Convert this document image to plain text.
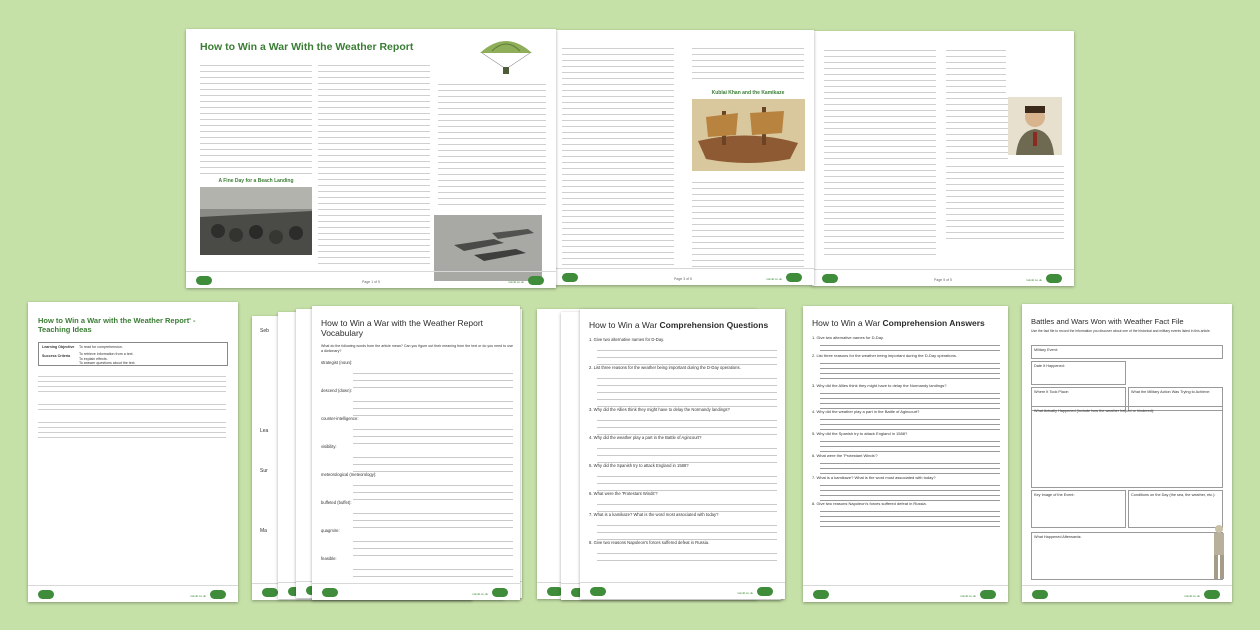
Page 5 of 5	twinkl.co.uk
Kublai Khan and the Kamikaze
Page 3 of 5	twinkl.co.uk
How to Win a War With the Weather Report
A Fine Day for a Beach Landing
Page 1 of 5	twinkl.co.uk
How to Win a War with the Weather Report' - Teaching Ideas
Learning Objective To read for comprehension.
Success Criteria To retrieve information from a text.
To explain effects.
To answer questions about the text.
twinkl.co.uk
Seb
Lea
Sur
Ma
How to Win a War with the Weather Report Vocabulary
What do the following words from the article mean? Can you figure out their meaning from the text or do you need to use a dictionary?
strategist (noun):
descend (down):
counter-intelligence:
visibility:
meteorological (meteorology):
buffeted (buffet):
quagmire:
feasible:
twinkl.co.uk
How to Win a War Comprehension Questions
1. Give two alternative names for D-Day.
2. List three reasons for the weather being important during the D-Day operations.
3. Why did the Allies think they might have to delay the Normandy landings?
4. Why did the weather play a part in the Battle of Agincourt?
5. Why did the Spanish try to attack England in 1588?
6. What were the 'Protestant Winds'?
7. What is a kamikaze? What is the word most associated with today?
8. Give two reasons Napoleon's forces suffered defeat in Russia.
twinkl.co.uk
How to Win a War Comprehension Answers
1. Give two alternative names for D-Day.
2. List three reasons for the weather being important during the D-Day operations.
3. Why did the Allies think they might have to delay the Normandy landings?
4. Why did the weather play a part in the Battle of Agincourt?
5. Why did the Spanish try to attack England in 1588?
6. What were the 'Protestant Winds'?
7. What is a kamikaze? What is the word most associated with today?
8. Give two reasons Napoleon's forces suffered defeat in Russia.
twinkl.co.uk
Battles and Wars Won with Weather Fact File
Use the fact file to record the information you discover about one of the historical and military events listed in this article.
Military Event:
Date It Happened:
Where It Took Place:	What the Military Action Was Trying to Achieve:
What Actually Happened (Include how the weather helped or hindered):
Key Image of the Event:	Conditions on the Day (the sea, the weather, etc.):
What Happened Afterwards:
twinkl.co.uk
